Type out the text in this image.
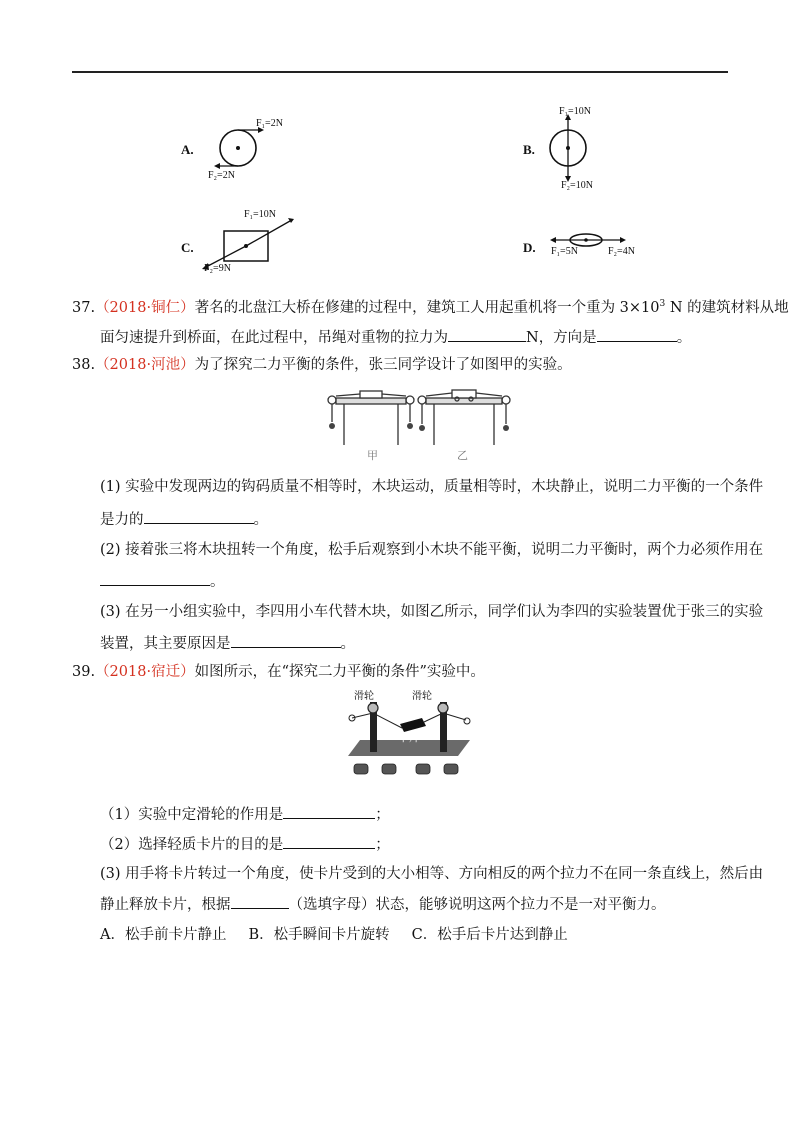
A.
F₁=2N
F₂=2N
B.
F₁=10N
F₂=10N
C.
F₁=10N
F₂=9N
D. F₁=5N	F₂=4N
37.（2018·铜仁）著名的北盘江大桥在修建的过程中，建筑工人用起重机将一个重为 $3\times 10^3$ N 的建筑材料从地
面匀速提升到桥面，在此过程中，吊绳对重物的拉力为	N，方向是	。
38.（2018·河池）为了探究二力平衡的条件，张三同学设计了如图甲的实验。
甲	乙
(1) 实验中发现两边的钩码质量不相等时，木块运动，质量相等时，木块静止，说明二力平衡的一个条件
是力的	。
(2) 接着张三将木块扭转一个角度，松手后观察到小木块不能平衡，说明二力平衡时，两个力必须作用在
。
(3) 在另一小组实验中，李四用小车代替木块，如图乙所示，同学们认为李四的实验装置优于张三的实验
装置，其主要原因是	。
39.（2018·宿迁）如图所示，在“探究二力平衡的条件”实验中。
滑轮	滑轮
卡片
（1）实验中定滑轮的作用是	；
（2）选择轻质卡片的目的是	；
(3) 用手将卡片转过一个角度，使卡片受到的大小相等、方向相反的两个拉力不在同一条直线上，然后由
静止释放卡片，根据	（选填字母）状态，能够说明这两个拉力不是一对平衡力。
A．松手前卡片静止 B．松手瞬间卡片旋转 C．松手后卡片达到静止
